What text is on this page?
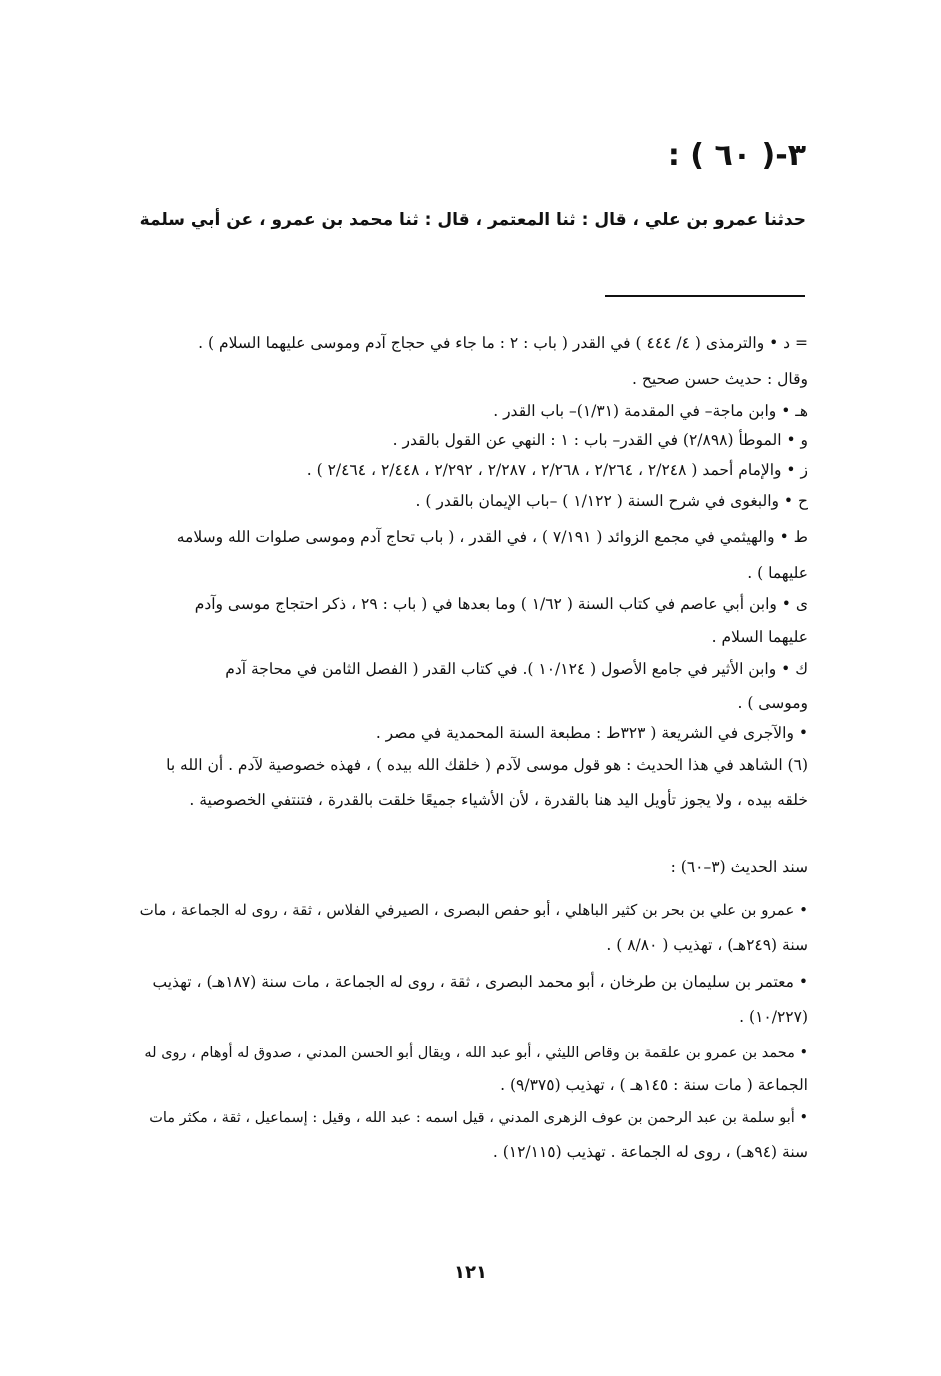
٣-( ٦٠ ) :
حدثنا عمرو بن علي ، قال : ثنا المعتمر ، قال : ثنا محمد بن عمرو ، عن أبي سلمة
= د • والترمذى ( ٤/ ٤٤٤ ) في القدر ( باب : ٢ : ما جاء في حجاج آدم وموسى عليهما السلام ) .
وقال : حديث حسن صحيح .
هـ • وابن ماجة– في المقدمة (١/٣١)– باب القدر .
و • الموطأ (٢/٨٩٨) في القدر– باب : ١ : النهي عن القول بالقدر .
ز • والإمام أحمد ( ٢/٢٤٨ ، ٢/٢٦٤ ، ٢/٢٦٨ ، ٢/٢٨٧ ، ٢/٢٩٢ ، ٢/٤٤٨ ، ٢/٤٦٤ ) .
ح • والبغوى في شرح السنة ( ١/١٢٢ ) –باب الإيمان بالقدر ) .
ط • والهيثمي في مجمع الزوائد ( ٧/١٩١ ) ، في القدر ، ( باب تحاج آدم وموسى صلوات الله وسلامه
عليهما ) .
ى • وابن أبي عاصم في كتاب السنة ( ١/٦٢ ) وما بعدها في ( باب : ٢٩ ، ذكر احتجاج موسى وآدم
عليهما السلام .
ك • وابن الأثير في جامع الأصول ( ١٠/١٢٤ ). في كتاب القدر ( الفصل الثامن في محاجة آدم
وموسى ) .
• والآجرى في الشريعة ( ٣٢٣ط : مطبعة السنة المحمدية في مصر .
(٦) الشاهد في هذا الحديث : هو قول موسى لآدم ( خلقك الله بيده ) ، فهذه خصوصية لآدم . أن الله با
خلقه بيده ، ولا يجوز تأويل اليد هنا بالقدرة ، لأن الأشياء جميعًا خلقت بالقدرة ، فتنتفي الخصوصية .
سند الحديث (٣–٦٠) :
• عمرو بن علي بن بحر بن كثير الباهلي ، أبو حفص البصرى ، الصيرفي الفلاس ، ثقة ، روى له الجماعة ، مات
سنة (٢٤٩هـ) ، تهذيب ( ٨/٨٠ ) .
• معتمر بن سليمان بن طرخان ، أبو محمد البصرى ، ثقة ، روى له الجماعة ، مات سنة (١٨٧هـ) ، تهذيب
(١٠/٢٢٧) .
• محمد بن عمرو بن علقمة بن وقاص الليثي ، أبو عبد الله ، ويقال أبو الحسن المدني ، صدوق له أوهام ، روى له
الجماعة ( مات سنة : ١٤٥هـ ) ، تهذيب (٩/٣٧٥) .
• أبو سلمة بن عبد الرحمن بن عوف الزهرى المدني ، قيل اسمه : عبد الله ، وقيل : إسماعيل ، ثقة ، مكثر مات
سنة (٩٤هـ) ، روى له الجماعة . تهذيب (١٢/١١٥) .
١٢١
